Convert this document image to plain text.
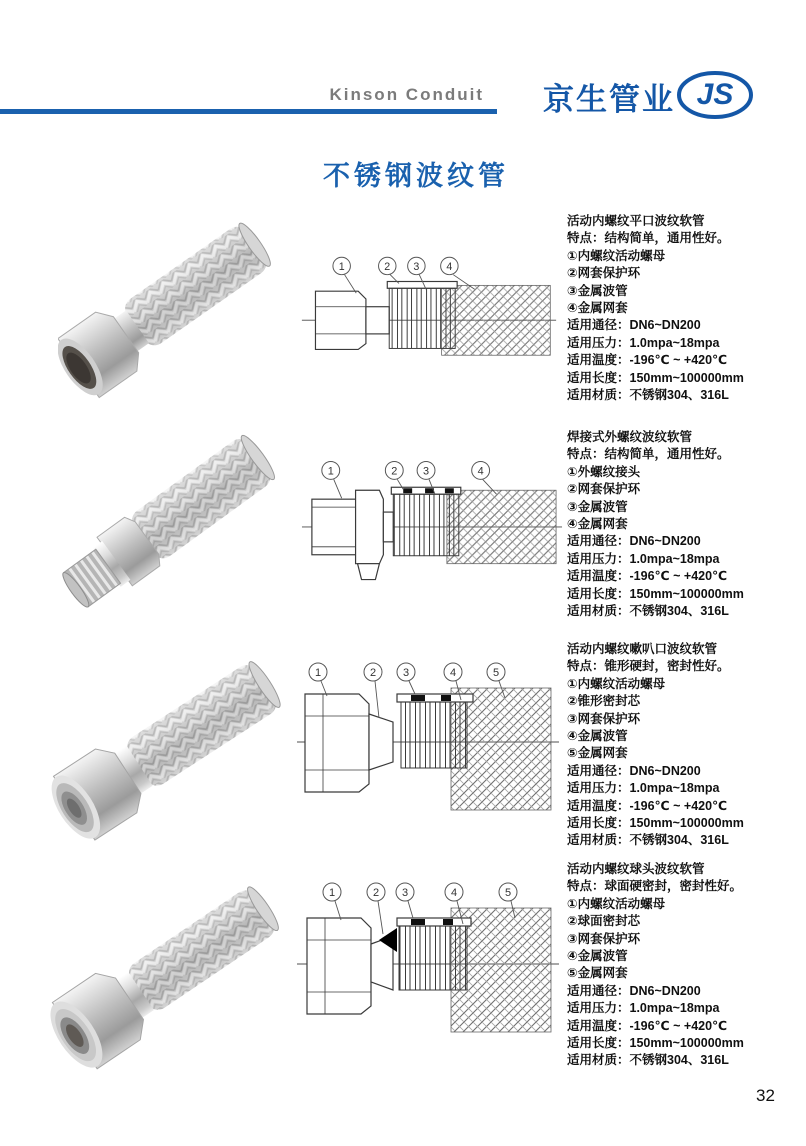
Kinson Conduit 京生管业 JS
不锈钢波纹管
1	2 3 4
活动内螺纹平口波纹软管
特点：结构简单，通用性好。
①内螺纹活动螺母
②网套保护环
③金属波管
④金属网套
适用通径：DN6~DN200
适用压力：1.0mpa~18mpa
适用温度：-196℃ ~ +420℃
适用长度：150mm~100000mm
适用材质：不锈钢304、316L
1	2 3	4
焊接式外螺纹波纹软管
特点：结构简单，通用性好。
①外螺纹接头
②网套保护环
③金属波管
④金属网套
适用通径：DN6~DN200
适用压力：1.0mpa~18mpa
适用温度：-196℃ ~ +420℃
适用长度：150mm~100000mm
适用材质：不锈钢304、316L
1	2 3	4	5
活动内螺纹嗽叭口波纹软管
特点：锥形硬封，密封性好。
①内螺纹活动螺母
②锥形密封芯
③网套保护环
④金属波管
⑤金属网套
适用通径：DN6~DN200
适用压力：1.0mpa~18mpa
适用温度：-196℃ ~ +420℃
适用长度：150mm~100000mm
适用材质：不锈钢304、316L
1	2 3	4	5
活动内螺纹球头波纹软管
特点：球面硬密封，密封性好。
①内螺纹活动螺母
②球面密封芯
③网套保护环
④金属波管
⑤金属网套
适用通径：DN6~DN200
适用压力：1.0mpa~18mpa
适用温度：-196℃ ~ +420℃
适用长度：150mm~100000mm
适用材质：不锈钢304、316L
32
